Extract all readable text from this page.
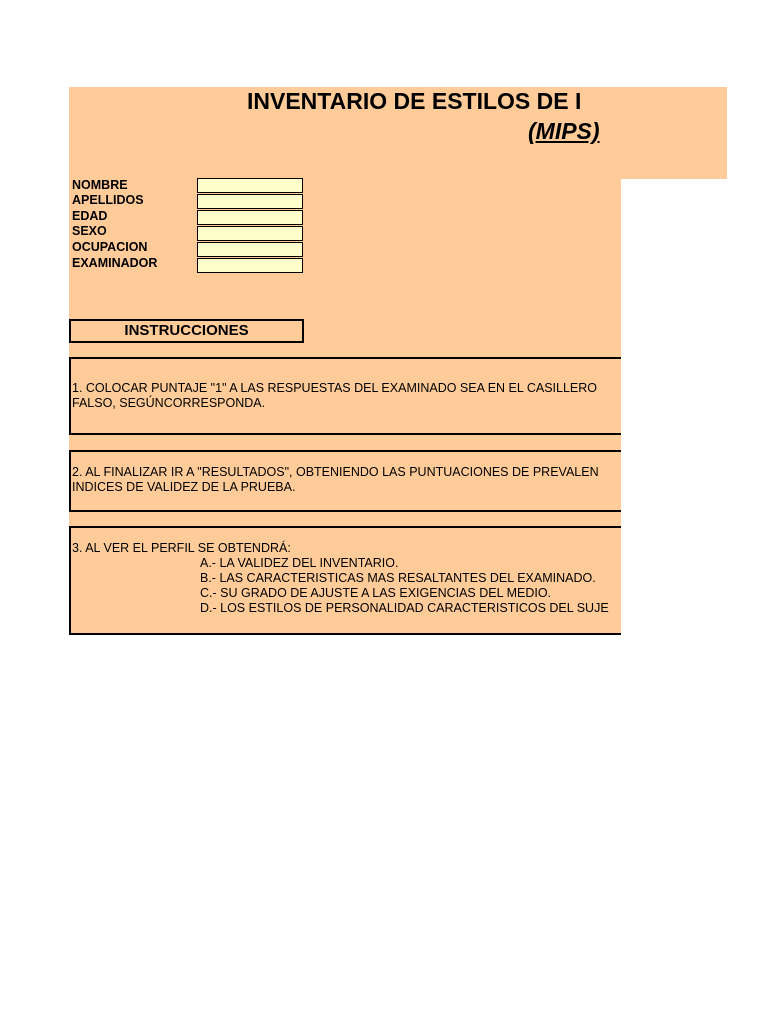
INVENTARIO DE ESTILOS DE I
(MIPS)
NOMBRE
APELLIDOS
EDAD
SEXO
OCUPACION
EXAMINADOR
INSTRUCCIONES
1. COLOCAR PUNTAJE "1" A LAS RESPUESTAS DEL EXAMINADO SEA EN EL CASILLERO
FALSO, SEGÚNCORRESPONDA.
2. AL FINALIZAR IR A "RESULTADOS", OBTENIENDO LAS PUNTUACIONES DE PREVALEN
INDICES DE VALIDEZ DE LA PRUEBA.
3. AL VER EL PERFIL SE OBTENDRÁ:
A.- LA VALIDEZ DEL INVENTARIO.
B.- LAS CARACTERISTICAS MAS RESALTANTES DEL EXAMINADO.
C.- SU GRADO DE AJUSTE A LAS EXIGENCIAS DEL MEDIO.
D.- LOS ESTILOS DE PERSONALIDAD CARACTERISTICOS DEL SUJE
